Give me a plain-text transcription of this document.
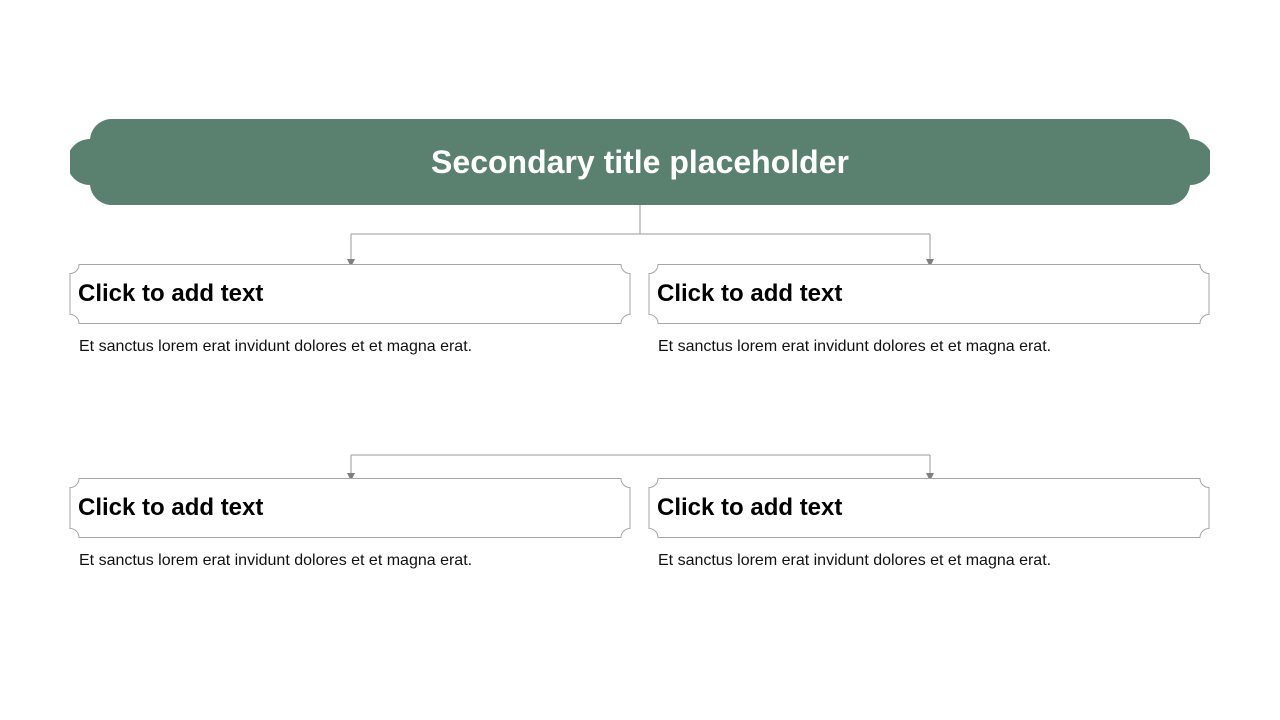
Secondary title placeholder
Click to add text
Et sanctus lorem erat invidunt dolores et et magna erat.
Click to add text
Et sanctus lorem erat invidunt dolores et et magna erat.
Click to add text
Et sanctus lorem erat invidunt dolores et et magna erat.
Click to add text
Et sanctus lorem erat invidunt dolores et et magna erat.
